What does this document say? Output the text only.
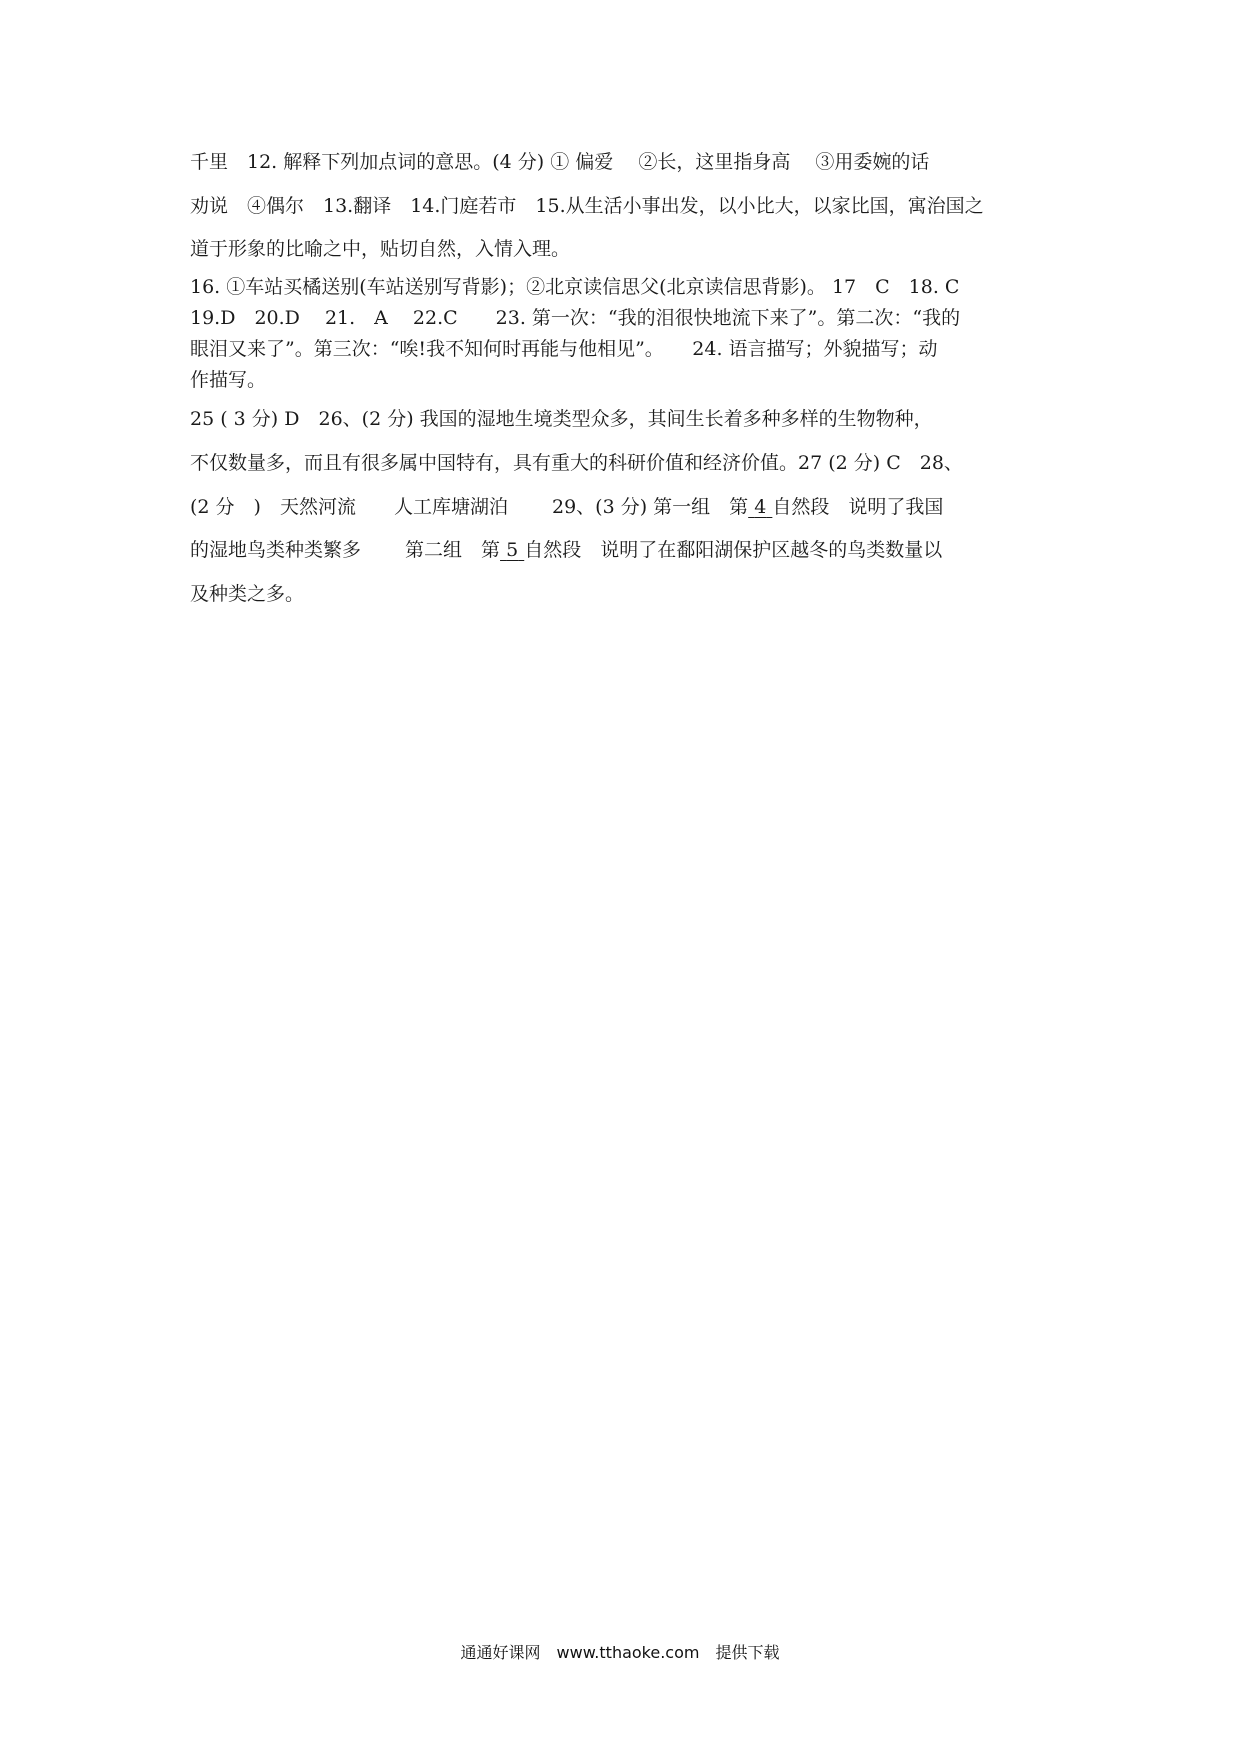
千里　12. 解释下列加点词的意思。(4 分) ① 偏爱　 ②长，这里指身高　 ③用委婉的话
劝说　④偶尔　13.翻译　14.门庭若市　15.从生活小事出发，以小比大，以家比国，寓治国之
道于形象的比喻之中，贴切自然，入情入理。
16. ①车站买橘送别(车站送别写背影)；②北京读信思父(北京读信思背影)。 17　C　18. C
19.D　20.D　 21.　A　 22.C　　23. 第一次：“我的泪很快地流下来了”。第二次：“我的
眼泪又来了”。第三次：“唉!我不知何时再能与他相见”。　　24. 语言描写；外貌描写；动
作描写。
25 ( 3 分) D　26、(2 分) 我国的湿地生境类型众多，其间生长着多种多样的生物物种，
不仅数量多，而且有很多属中国特有，具有重大的科研价值和经济价值。27 (2 分) C　28、
(2 分　)　天然河流　　人工库塘湖泊　　 29、(3 分) 第一组　第 4 自然段　说明了我国
的湿地鸟类种类繁多　　 第二组　第 5 自然段　说明了在鄱阳湖保护区越冬的鸟类数量以
及种类之多。
通通好课网　www.tthaoke.com　提供下载
